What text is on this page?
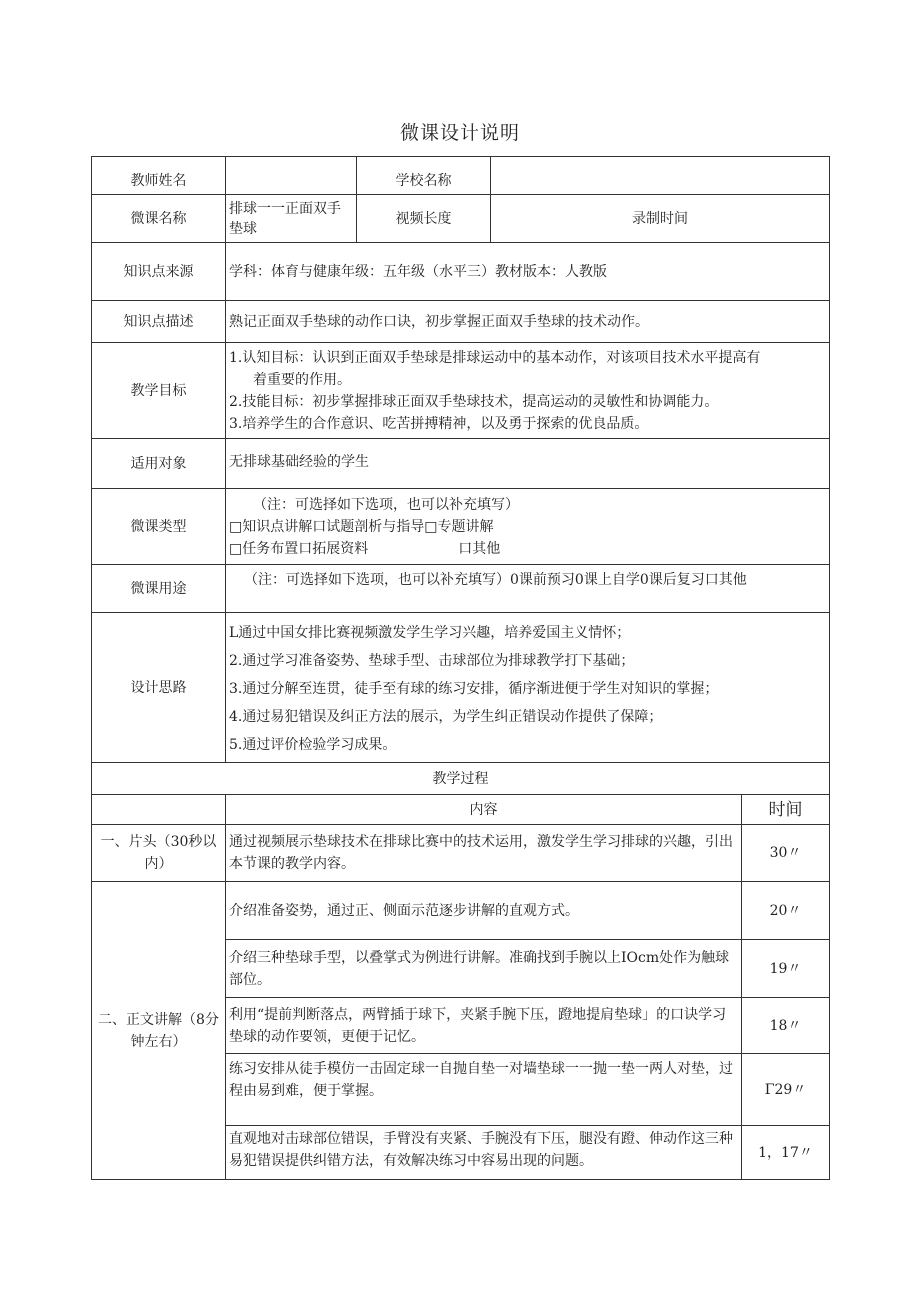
微课设计说明
教师姓名		学校名称		
微课名称	排球一一正面双手垫球	视频长度	录制时间	
知识点来源	学科：体育与健康年级：五年级（水平三）教材版本：人教版			
知识点描述	熟记正面双手垫球的动作口诀，初步掌握正面双手垫球的技术动作。			
教学目标	1.认知目标：认识到正面双手垫球是排球运动中的基本动作，对该项目技术水平提高有
着重要的作用。
2.技能目标：初步掌握排球正面双手垫球技术，提高运动的灵敏性和协调能力。
3.培养学生的合作意识、吃苦拼搏精神，以及勇于探索的优良品质。			

适用对象	无排球基础经验的学生			
微课类型	（注：可选择如下选项，也可以补充填写）
□知识点讲解口试题剖析与指导□专题讲解
□任务布置口拓展资料 口其他			

微课用途	（注：可选择如下选项，也可以补充填写）0课前预习0课上自学0课后复习口其他			
设计思路	L通过中国女排比赛视频激发学生学习兴趣，培养爱国主义情怀；
2.通过学习准备姿势、垫球手型、击球部位为排球教学打下基础；
3.通过分解至连贯，徒手至有球的练习安排，循序渐进便于学生对知识的掌握；
4.通过易犯错误及纠正方法的展示，为学生纠正错误动作提供了保障；
5.通过评价检验学习成果。			

教学过程				
	内容			时间
一、片头（30秒以内）	通过视频展示垫球技术在排球比赛中的技术运用，激发学生学习排球的兴趣，引出本节课的教学内容。			30〃
二、正文讲解（8分钟左右）	介绍准备姿势，通过正、侧面示范逐步讲解的直观方式。			20〃
	介绍三种垫球手型，以叠掌式为例进行讲解。准确找到手腕以上IOcm处作为触球部位。			19〃
	利用“提前判断落点，两臂插于球下，夹紧手腕下压，蹬地提肩垫球」的口诀学习垫球的动作要领，更便于记忆。			18〃
	练习安排从徒手模仿一击固定球一自抛自垫一对墙垫球一一抛一垫一两人对垫，过程由易到难，便于掌握。			Γ29〃
	直观地对击球部位错误，手臂没有夹紧、手腕没有下压，腿没有蹬、伸动作这三种易犯错误提供纠错方法，有效解决练习中容易出现的问题。			1，17〃
